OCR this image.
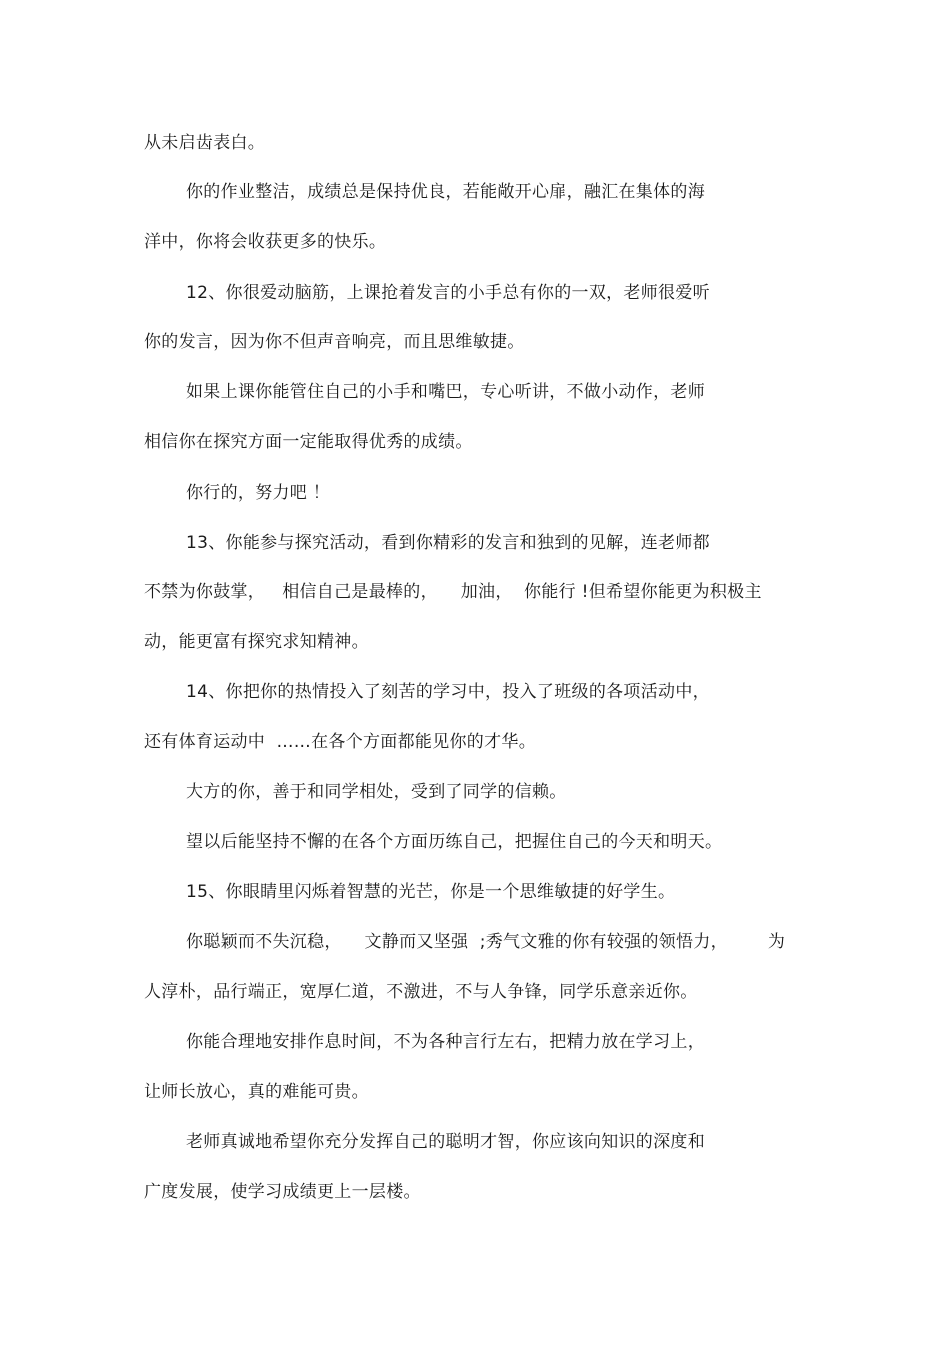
从未启齿表白。
你的作业整洁，成绩总是保持优良，若能敞开心扉，融汇在集体的海
洋中，你将会收获更多的快乐。
12、你很爱动脑筋，上课抢着发言的小手总有你的一双，老师很爱听
你的发言，因为你不但声音响亮，而且思维敏捷。
如果上课你能管住自己的小手和嘴巴，专心听讲，不做小动作，老师
相信你在探究方面一定能取得优秀的成绩。
你行的，努力吧 ！
13、你能参与探究活动，看到你精彩的发言和独到的见解，连老师都
不禁为你鼓掌，   相信自己是最棒的，    加油，  你能行 !但希望你能更为积极主
动，能更富有探究求知精神。
14、你把你的热情投入了刻苦的学习中，投入了班级的各项活动中，
还有体育运动中  ……在各个方面都能见你的才华。
大方的你，善于和同学相处，受到了同学的信赖。
望以后能坚持不懈的在各个方面历练自己，把握住自己的今天和明天。
15、你眼睛里闪烁着智慧的光芒，你是一个思维敏捷的好学生。
你聪颖而不失沉稳，    文静而又坚强  ;秀气文雅的你有较强的领悟力，       为
人淳朴，品行端正，宽厚仁道，不激进，不与人争锋，同学乐意亲近你。
你能合理地安排作息时间，不为各种言行左右，把精力放在学习上，
让师长放心，真的难能可贵。
老师真诚地希望你充分发挥自己的聪明才智，你应该向知识的深度和
广度发展，使学习成绩更上一层楼。
